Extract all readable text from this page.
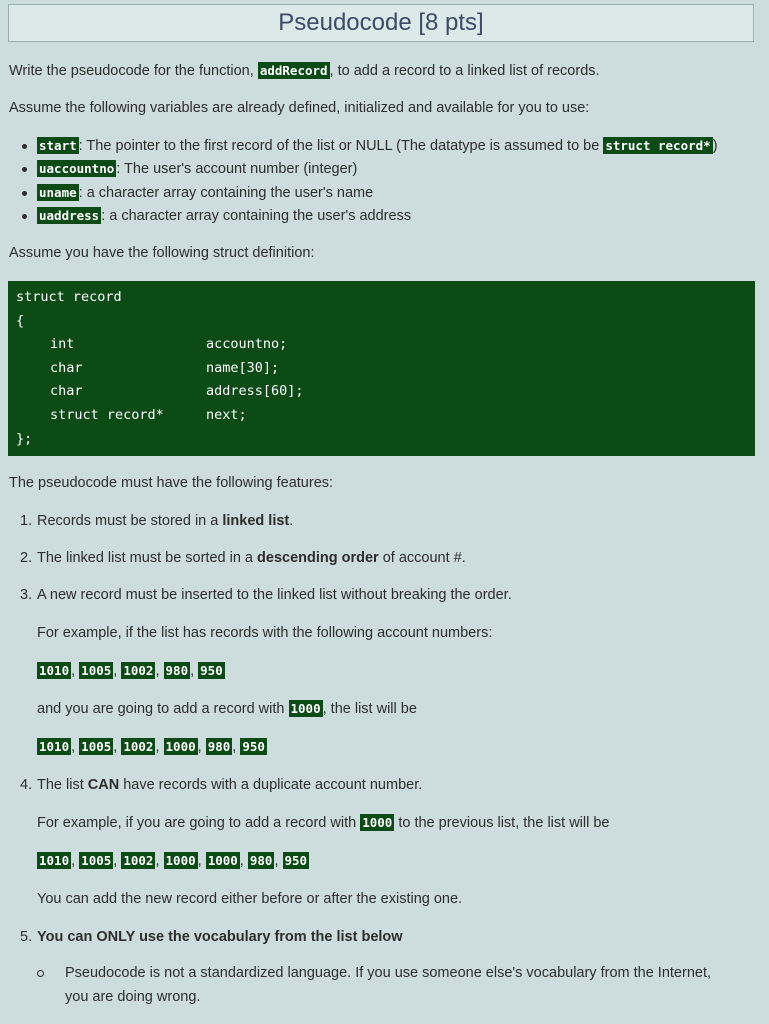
Pseudocode [8 pts]

Write the pseudocode for the function, addRecord , to add a record to a linked list of records.

Assume the following variables are already defined, initialized and available for you to use:

start : The pointer to the first record of the list or NULL (The datatype is assumed to be struct record* )
uaccountno : The user's account number (integer)
uname : a character array containing the user's name
uaddress : a character array containing the user's address

Assume you have the following struct definition:

struct record
{
int	accountno;
char	name[30];
char	address[60];
struct record*	next;
};

The pseudocode must have the following features:

1. Records must be stored in a linked list.
2. The linked list must be sorted in a descending order of account #.
3. A new record must be inserted to the linked list without breaking the order.
For example, if the list has records with the following account numbers:
1010 , 1005 , 1002 , 980 , 950
and you are going to add a record with 1000 , the list will be
1010 , 1005 , 1002 , 1000 , 980 , 950
4. The list CAN have records with a duplicate account number.
For example, if you are going to add a record with 1000 to the previous list, the list will be
1010 , 1005 , 1002 , 1000 , 1000 , 980 , 950
You can add the new record either before or after the existing one.
5. You can ONLY use the vocabulary from the list below
Pseudocode is not a standardized language. If you use someone else's vocabulary from the Internet,
you are doing wrong.
